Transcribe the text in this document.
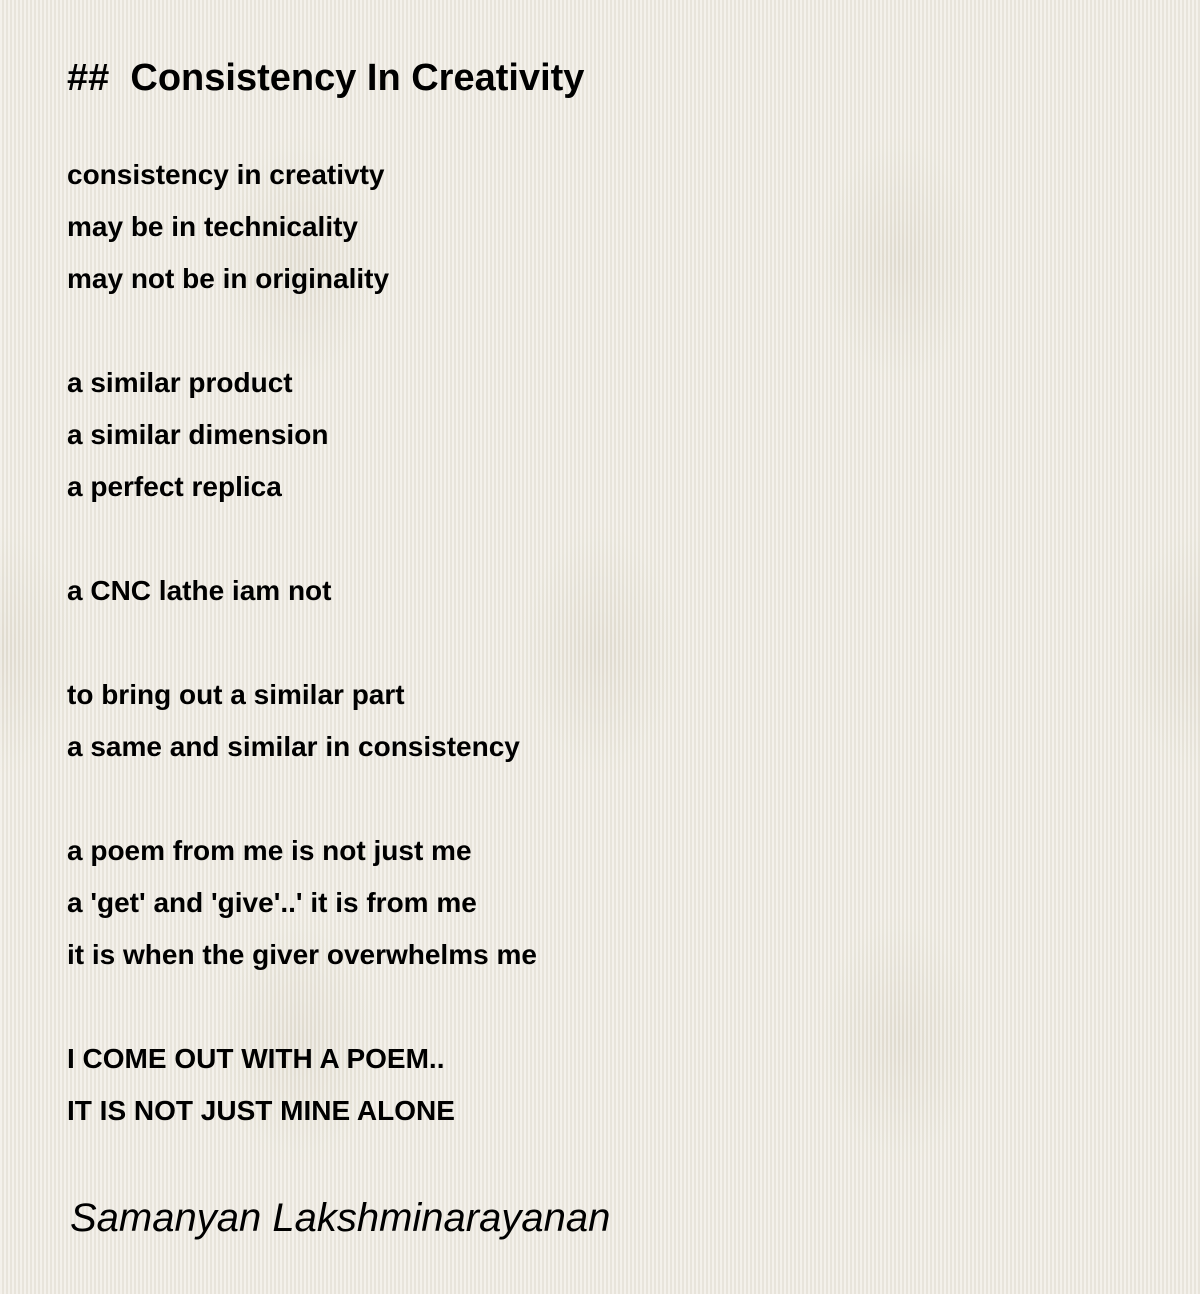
##  Consistency In Creativity
consistency in creativty
may be in technicality
may not be in originality
a similar product
a similar dimension
a perfect replica
a CNC lathe iam not
to bring out a similar part
a same and similar in consistency
a poem from me is not just me
a 'get' and 'give'..' it is from me
it is when the giver overwhelms me
I COME OUT WITH A POEM..
IT IS NOT JUST MINE ALONE
Samanyan Lakshminarayanan
